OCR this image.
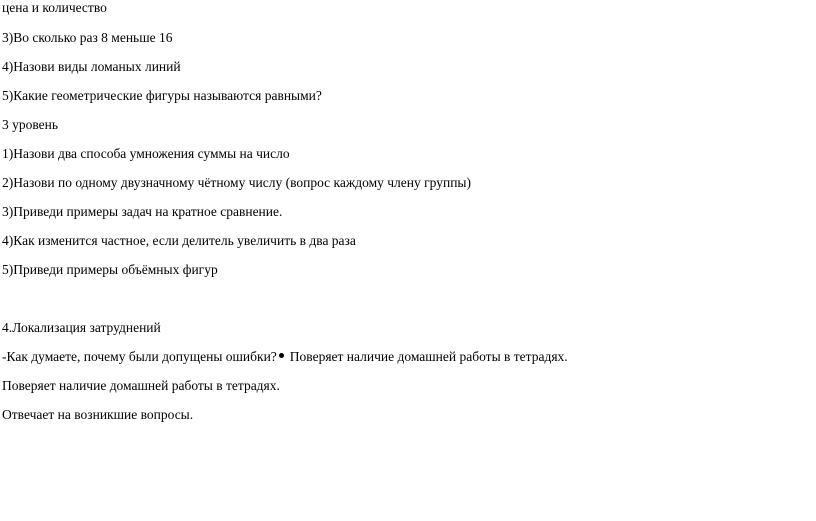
цена и количество
3)Во сколько раз 8 меньше 16
4)Назови виды ломаных линий
5)Какие геометрические фигуры называются равными?
3 уровень
1)Назови два способа умножения суммы на число
2)Назови по одному двузначному чётному числу (вопрос каждому члену группы)
3)Приведи примеры задач на кратное сравнение.
4)Как изменится частное, если делитель увеличить в два раза
5)Приведи примеры объёмных фигур
4.Локализация затруднений
-Как думаете, почему были допущены ошибки? Поверяет наличие домашней работы в тетрадях.
Поверяет наличие домашней работы в тетрадях.
Отвечает на возникшие вопросы.
